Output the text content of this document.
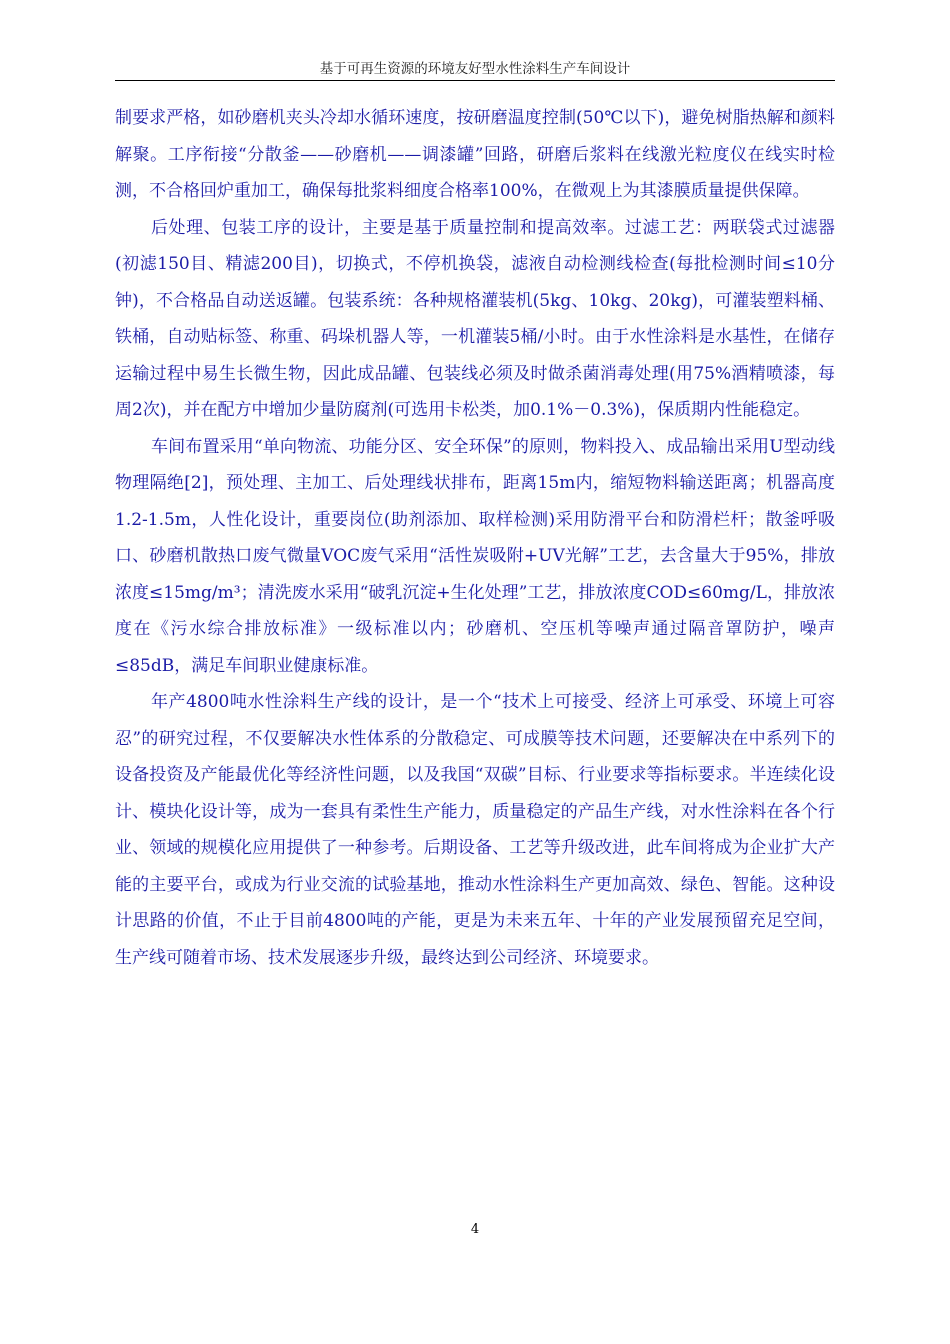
基于可再生资源的环境友好型水性涂料生产车间设计

制要求严格，如砂磨机夹头冷却水循环速度，按研磨温度控制(50℃以下)，避免树脂热解和颜料解聚。工序衔接“分散釜——砂磨机——调漆罐”回路，研磨后浆料在线激光粒度仪在线实时检测，不合格回炉重加工，确保每批浆料细度合格率100%，在微观上为其漆膜质量提供保障。

后处理、包装工序的设计，主要是基于质量控制和提高效率。过滤工艺：两联袋式过滤器(初滤150目、精滤200目)，切换式，不停机换袋，滤液自动检测线检查(每批检测时间≤10分钟)，不合格品自动送返罐。包装系统：各种规格灌装机(5kg、10kg、20kg)，可灌装塑料桶、铁桶，自动贴标签、称重、码垛机器人等，一机灌装5桶/小时。由于水性涂料是水基性，在储存运输过程中易生长微生物，因此成品罐、包装线必须及时做杀菌消毒处理(用75%酒精喷漆，每周2次)，并在配方中增加少量防腐剂(可选用卡松类，加0.1%－0.3%)，保质期内性能稳定。

车间布置采用“单向物流、功能分区、安全环保”的原则，物料投入、成品输出采用U型动线物理隔绝[2]，预处理、主加工、后处理线状排布，距离15m内，缩短物料输送距离；机器高度1.2-1.5m，人性化设计，重要岗位(助剂添加、取样检测)采用防滑平台和防滑栏杆；散釜呼吸口、砂磨机散热口废气微量VOC废气采用“活性炭吸附+UV光解”工艺，去含量大于95%，排放浓度≤15mg/m³；清洗废水采用“破乳沉淀+生化处理”工艺，排放浓度COD≤60mg/L，排放浓度在《污水综合排放标准》一级标准以内；砂磨机、空压机等噪声通过隔音罩防护，噪声≤85dB，满足车间职业健康标准。

年产4800吨水性涂料生产线的设计，是一个“技术上可接受、经济上可承受、环境上可容忍”的研究过程，不仅要解决水性体系的分散稳定、可成膜等技术问题，还要解决在中系列下的设备投资及产能最优化等经济性问题，以及我国“双碳”目标、行业要求等指标要求。半连续化设计、模块化设计等，成为一套具有柔性生产能力，质量稳定的产品生产线，对水性涂料在各个行业、领域的规模化应用提供了一种参考。后期设备、工艺等升级改进，此车间将成为企业扩大产能的主要平台，或成为行业交流的试验基地，推动水性涂料生产更加高效、绿色、智能。这种设计思路的价值，不止于目前4800吨的产能，更是为未来五年、十年的产业发展预留充足空间，生产线可随着市场、技术发展逐步升级，最终达到公司经济、环境要求。

4
